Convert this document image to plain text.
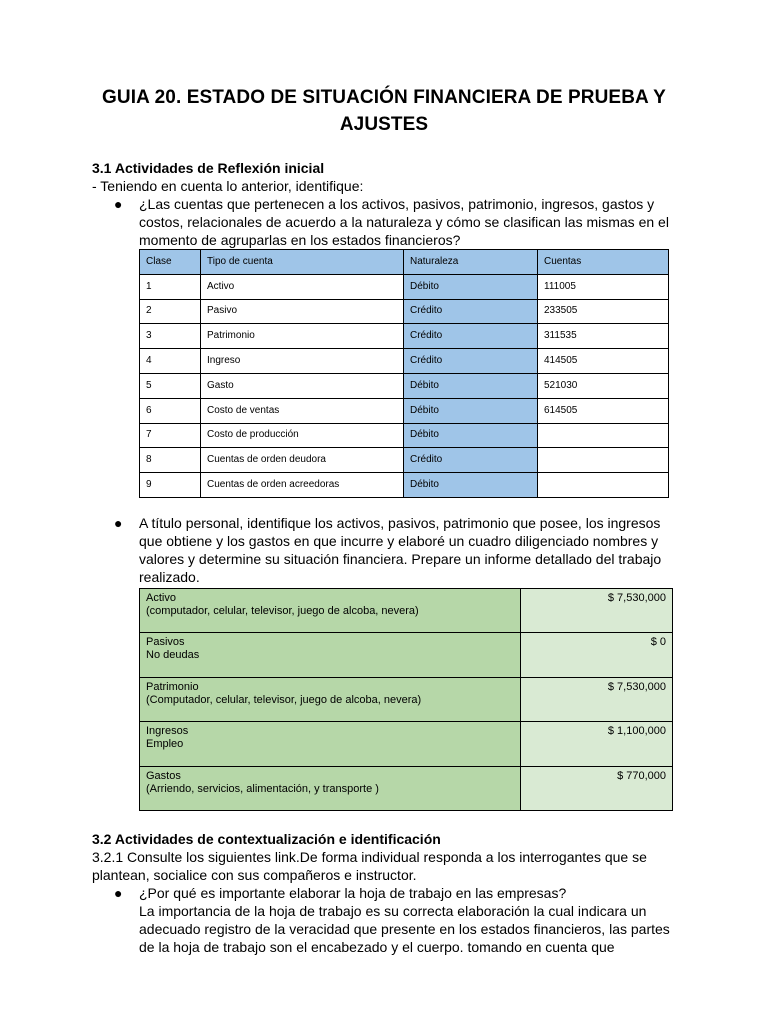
GUIA 20. ESTADO DE SITUACIÓN FINANCIERA DE PRUEBA Y AJUSTES
3.1 Actividades de Reflexión inicial
- Teniendo en cuenta lo anterior, identifique:
● ¿Las cuentas que pertenecen a los activos, pasivos, patrimonio, ingresos, gastos y costos, relacionales de acuerdo a la naturaleza y cómo se clasifican las mismas en el momento de agruparlas en los estados financieros?
Clase	Tipo de cuenta	Naturaleza	Cuentas
1	Activo	Débito	111005
2	Pasivo	Crédito	233505
3	Patrimonio	Crédito	311535
4	Ingreso	Crédito	414505
5	Gasto	Débito	521030
6	Costo de ventas	Débito	614505
7	Costo de producción	Débito	
8	Cuentas de orden deudora	Crédito	
9	Cuentas de orden acreedoras	Débito	
● A título personal, identifique los activos, pasivos, patrimonio que posee, los ingresos que obtiene y los gastos en que incurre y elaboré un cuadro diligenciado nombres y valores y determine su situación financiera. Prepare un informe detallado del trabajo realizado.
Activo
(computador, celular, televisor, juego de alcoba, nevera)	$ 7,530,000

Pasivos
No deudas	$ 0

Patrimonio
(Computador, celular, televisor, juego de alcoba, nevera)	$ 7,530,000

Ingresos
Empleo	$ 1,100,000

Gastos
(Arriendo, servicios, alimentación, y transporte )	$ 770,000
3.2 Actividades de contextualización e identificación
3.2.1 Consulte los siguientes link.De forma individual responda a los interrogantes que se plantean, socialice con sus compañeros e instructor.
● ¿Por qué es importante elaborar la hoja de trabajo en las empresas?
La importancia de la hoja de trabajo es su correcta elaboración la cual indicara un adecuado registro de la veracidad que presente en los estados financieros, las partes de la hoja de trabajo son el encabezado y el cuerpo. tomando en cuenta que
